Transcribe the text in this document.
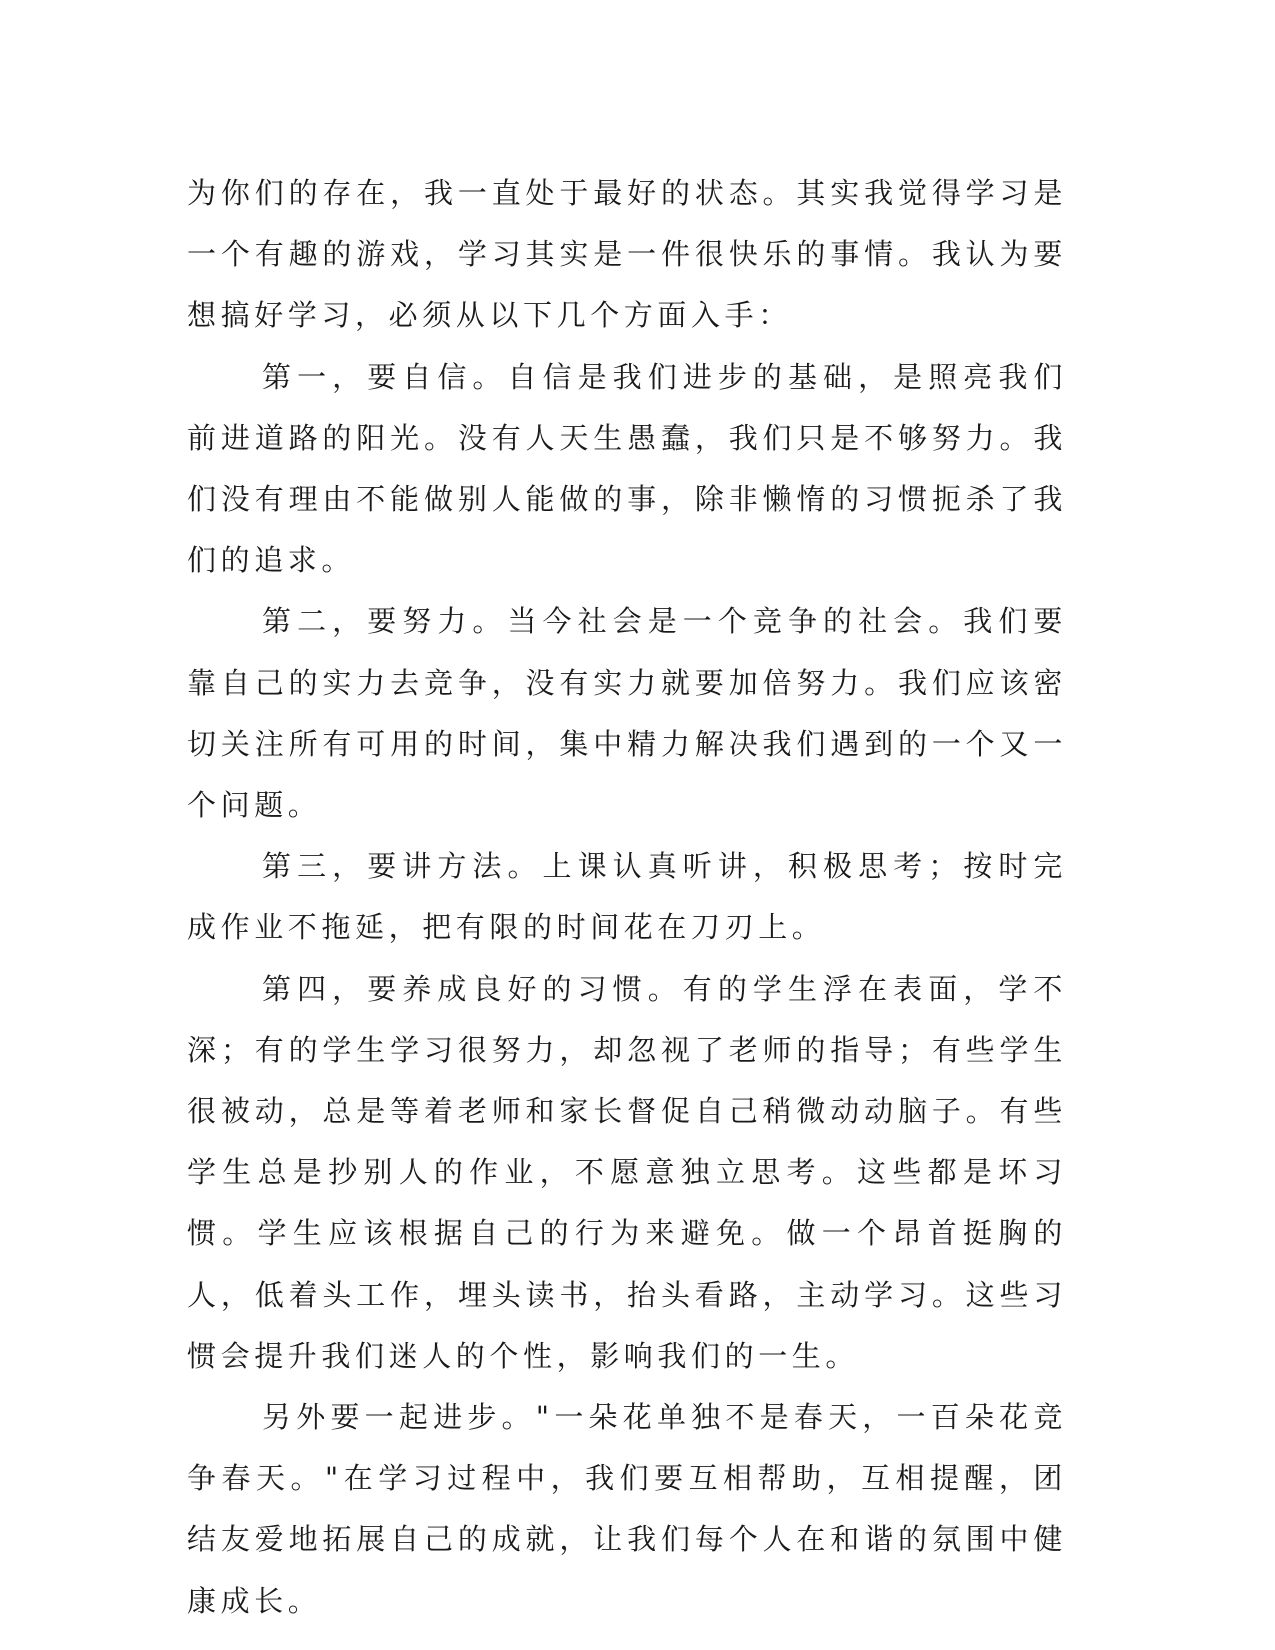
为你们的存在，我一直处于最好的状态。其实我觉得学习是一个有趣的游戏，学习其实是一件很快乐的事情。我认为要想搞好学习，必须从以下几个方面入手：

第一，要自信。自信是我们进步的基础，是照亮我们前进道路的阳光。没有人天生愚蠢，我们只是不够努力。我们没有理由不能做别人能做的事，除非懒惰的习惯扼杀了我们的追求。

第二，要努力。当今社会是一个竞争的社会。我们要靠自己的实力去竞争，没有实力就要加倍努力。我们应该密切关注所有可用的时间，集中精力解决我们遇到的一个又一个问题。

第三，要讲方法。上课认真听讲，积极思考；按时完成作业不拖延，把有限的时间花在刀刃上。

第四，要养成良好的习惯。有的学生浮在表面，学不深；有的学生学习很努力，却忽视了老师的指导；有些学生很被动，总是等着老师和家长督促自己稍微动动脑子。有些学生总是抄别人的作业，不愿意独立思考。这些都是坏习惯。学生应该根据自己的行为来避免。做一个昂首挺胸的人，低着头工作，埋头读书，抬头看路，主动学习。这些习惯会提升我们迷人的个性，影响我们的一生。

另外要一起进步。"一朵花单独不是春天，一百朵花竞争春天。"在学习过程中，我们要互相帮助，互相提醒，团结友爱地拓展自己的成就，让我们每个人在和谐的氛围中健康成长。
